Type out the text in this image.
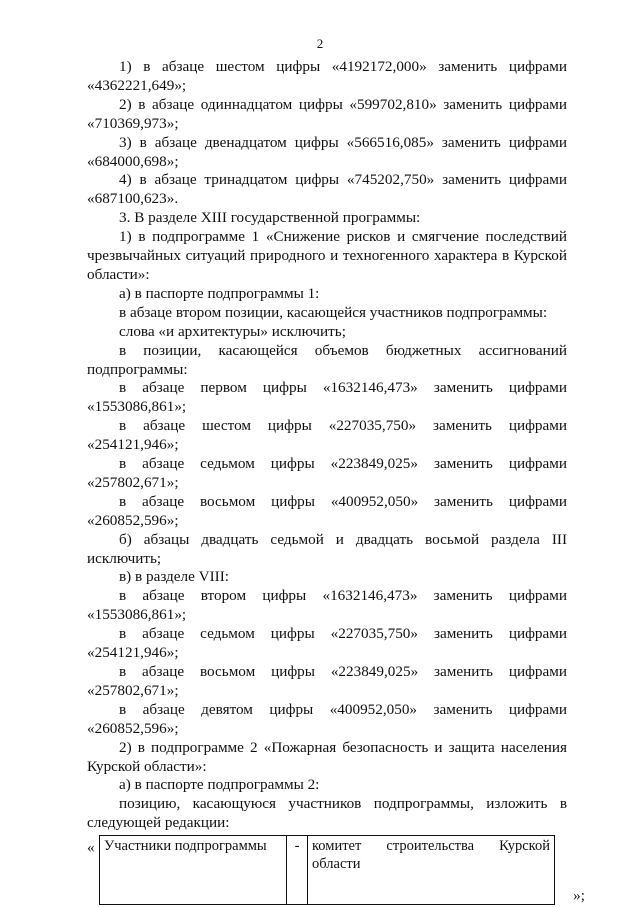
2

1) в абзаце шестом цифры «4192172,000» заменить цифрами «4362221,649»;

2) в абзаце одиннадцатом цифры «599702,810» заменить цифрами «710369,973»;

3) в абзаце двенадцатом цифры «566516,085» заменить цифрами «684000,698»;

4) в абзаце тринадцатом цифры «745202,750» заменить цифрами «687100,623».

3. В разделе XIII государственной программы:

1) в подпрограмме 1 «Снижение рисков и смягчение последствий чрезвычайных ситуаций природного и техногенного характера в Курской области»:

а) в паспорте подпрограммы 1:

в абзаце втором позиции, касающейся участников подпрограммы:

слова «и архитектуры» исключить;

в позиции, касающейся объемов бюджетных ассигнований подпрограммы:

в абзаце первом цифры «1632146,473» заменить цифрами «1553086,861»;

в абзаце шестом цифры «227035,750» заменить цифрами «254121,946»;

в абзаце седьмом цифры «223849,025» заменить цифрами «257802,671»;

в абзаце восьмом цифры «400952,050» заменить цифрами «260852,596»;

б) абзацы двадцать седьмой и двадцать восьмой раздела III исключить;

в) в разделе VIII:

в абзаце втором цифры «1632146,473» заменить цифрами «1553086,861»;

в абзаце седьмом цифры «227035,750» заменить цифрами «254121,946»;

в абзаце восьмом цифры «223849,025» заменить цифрами «257802,671»;

в абзаце девятом цифры «400952,050» заменить цифрами «260852,596»;

2) в подпрограмме 2 «Пожарная безопасность и защита населения Курской области»:

а) в паспорте подпрограммы 2:

позицию, касающуюся участников подпрограммы, изложить в следующей редакции:

« Участники подпрограммы	-	комитет строительства Курской области
»;
